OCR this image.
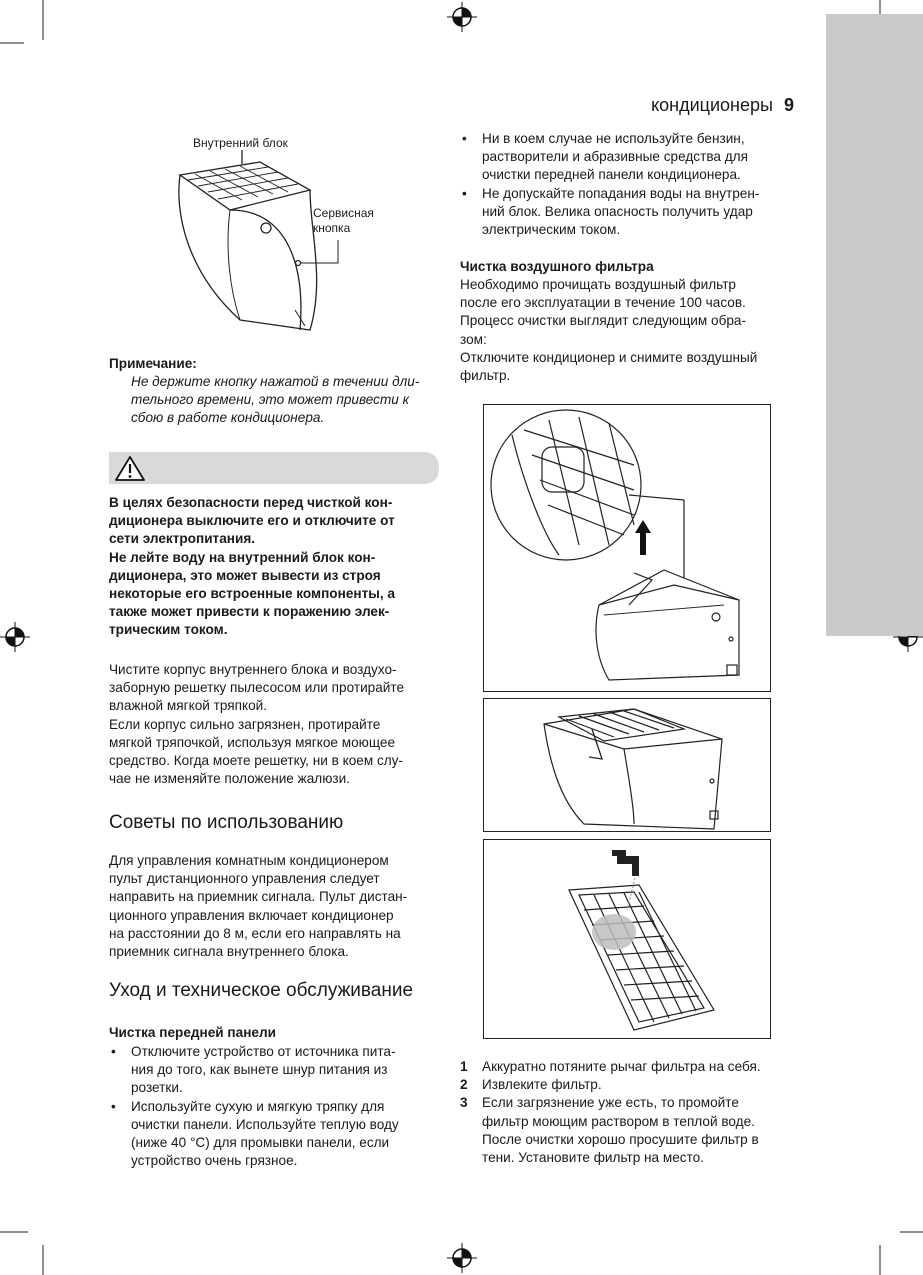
кондиционеры 9
Внутренний блок
Сервисная
кнопка
Примечание:
Не держите кнопку нажатой в течении дли-
тельного времени, это может привести к
сбою в работе кондиционера.
В целях безопасности перед чисткой кон-
диционера выключите его и отключите от
сети электропитания.
Не лейте воду на внутренний блок кон-
диционера, это может вывести из строя
некоторые его встроенные компоненты, а
также может привести к поражению элек-
трическим током.
Чистите корпус внутреннего блока и воздухо-
заборную решетку пылесосом или протирайте
влажной мягкой тряпкой.
Если корпус сильно загрязнен, протирайте
мягкой тряпочкой, используя мягкое моющее
средство. Когда моете решетку, ни в коем слу-
чае не изменяйте положение жалюзи.
Советы по использованию
Для управления комнатным кондиционером
пульт дистанционного управления следует
направить на приемник сигнала. Пульт дистан-
ционного управления включает кондиционер
на расстоянии до 8 м, если его направлять на
приемник сигнала внутреннего блока.
Уход и техническое обслуживание
Чистка передней панели
• Отключите устройство от источника пита-
ния до того, как вынете шнур питания из
розетки.
• Используйте сухую и мягкую тряпку для
очистки панели. Используйте теплую воду
(ниже 40 °C) для промывки панели, если
устройство очень грязное.
• Ни в коем случае не используйте бензин,
растворители и абразивные средства для
очистки передней панели кондиционера.
• Не допускайте попадания воды на внутрен-
ний блок. Велика опасность получить удар
электрическим током.
Чистка воздушного фильтра
Необходимо прочищать воздушный фильтр
после его эксплуатации в течение 100 часов.
Процесс очистки выглядит следующим обра-
зом:
Отключите кондиционер и снимите воздушный
фильтр.
1 Аккуратно потяните рычаг фильтра на себя.
2 Извлеките фильтр.
3 Если загрязнение уже есть, то промойте
фильтр моющим раствором в теплой воде.
После очистки хорошо просушите фильтр в
тени. Установите фильтр на место.
